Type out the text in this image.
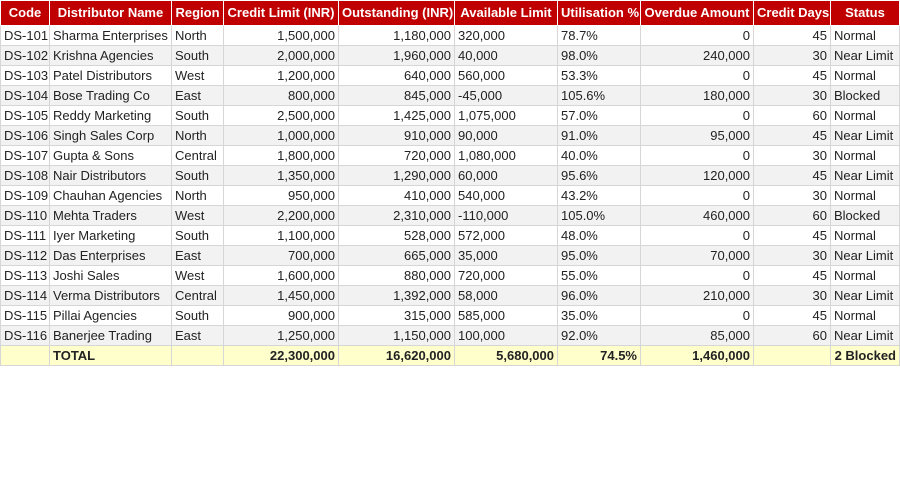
Code	Distributor Name	Region	Credit Limit (INR)	Outstanding (INR)	Available Limit	Utilisation %	Overdue Amount	Credit Days	Status
DS-101	Sharma Enterprises	North	1,500,000	1,180,000	320,000	78.7%	0	45	Normal
DS-102	Krishna Agencies	South	2,000,000	1,960,000	40,000	98.0%	240,000	30	Near Limit
DS-103	Patel Distributors	West	1,200,000	640,000	560,000	53.3%	0	45	Normal
DS-104	Bose Trading Co	East	800,000	845,000	-45,000	105.6%	180,000	30	Blocked
DS-105	Reddy Marketing	South	2,500,000	1,425,000	1,075,000	57.0%	0	60	Normal
DS-106	Singh Sales Corp	North	1,000,000	910,000	90,000	91.0%	95,000	45	Near Limit
DS-107	Gupta & Sons	Central	1,800,000	720,000	1,080,000	40.0%	0	30	Normal
DS-108	Nair Distributors	South	1,350,000	1,290,000	60,000	95.6%	120,000	45	Near Limit
DS-109	Chauhan Agencies	North	950,000	410,000	540,000	43.2%	0	30	Normal
DS-110	Mehta Traders	West	2,200,000	2,310,000	-110,000	105.0%	460,000	60	Blocked
DS-111	Iyer Marketing	South	1,100,000	528,000	572,000	48.0%	0	45	Normal
DS-112	Das Enterprises	East	700,000	665,000	35,000	95.0%	70,000	30	Near Limit
DS-113	Joshi Sales	West	1,600,000	880,000	720,000	55.0%	0	45	Normal
DS-114	Verma Distributors	Central	1,450,000	1,392,000	58,000	96.0%	210,000	30	Near Limit
DS-115	Pillai Agencies	South	900,000	315,000	585,000	35.0%	0	45	Normal
DS-116	Banerjee Trading	East	1,250,000	1,150,000	100,000	92.0%	85,000	60	Near Limit
	TOTAL		22,300,000	16,620,000	5,680,000	74.5%	1,460,000		2 Blocked
